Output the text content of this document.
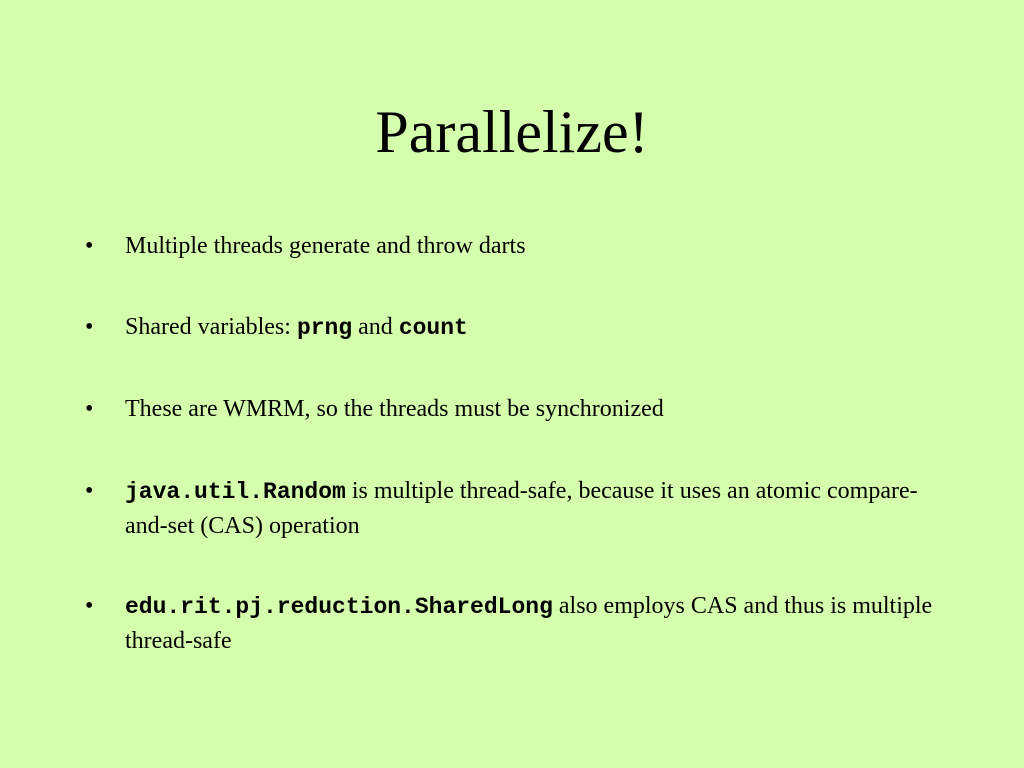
Parallelize!
•	Multiple threads generate and throw darts
•	Shared variables: prng and count
•	These are WMRM, so the threads must be synchronized
•	java.util.Random is multiple thread-safe, because it uses an atomic compare-and-set (CAS) operation
•	edu.rit.pj.reduction.SharedLong also employs CAS and thus is multiple thread-safe
